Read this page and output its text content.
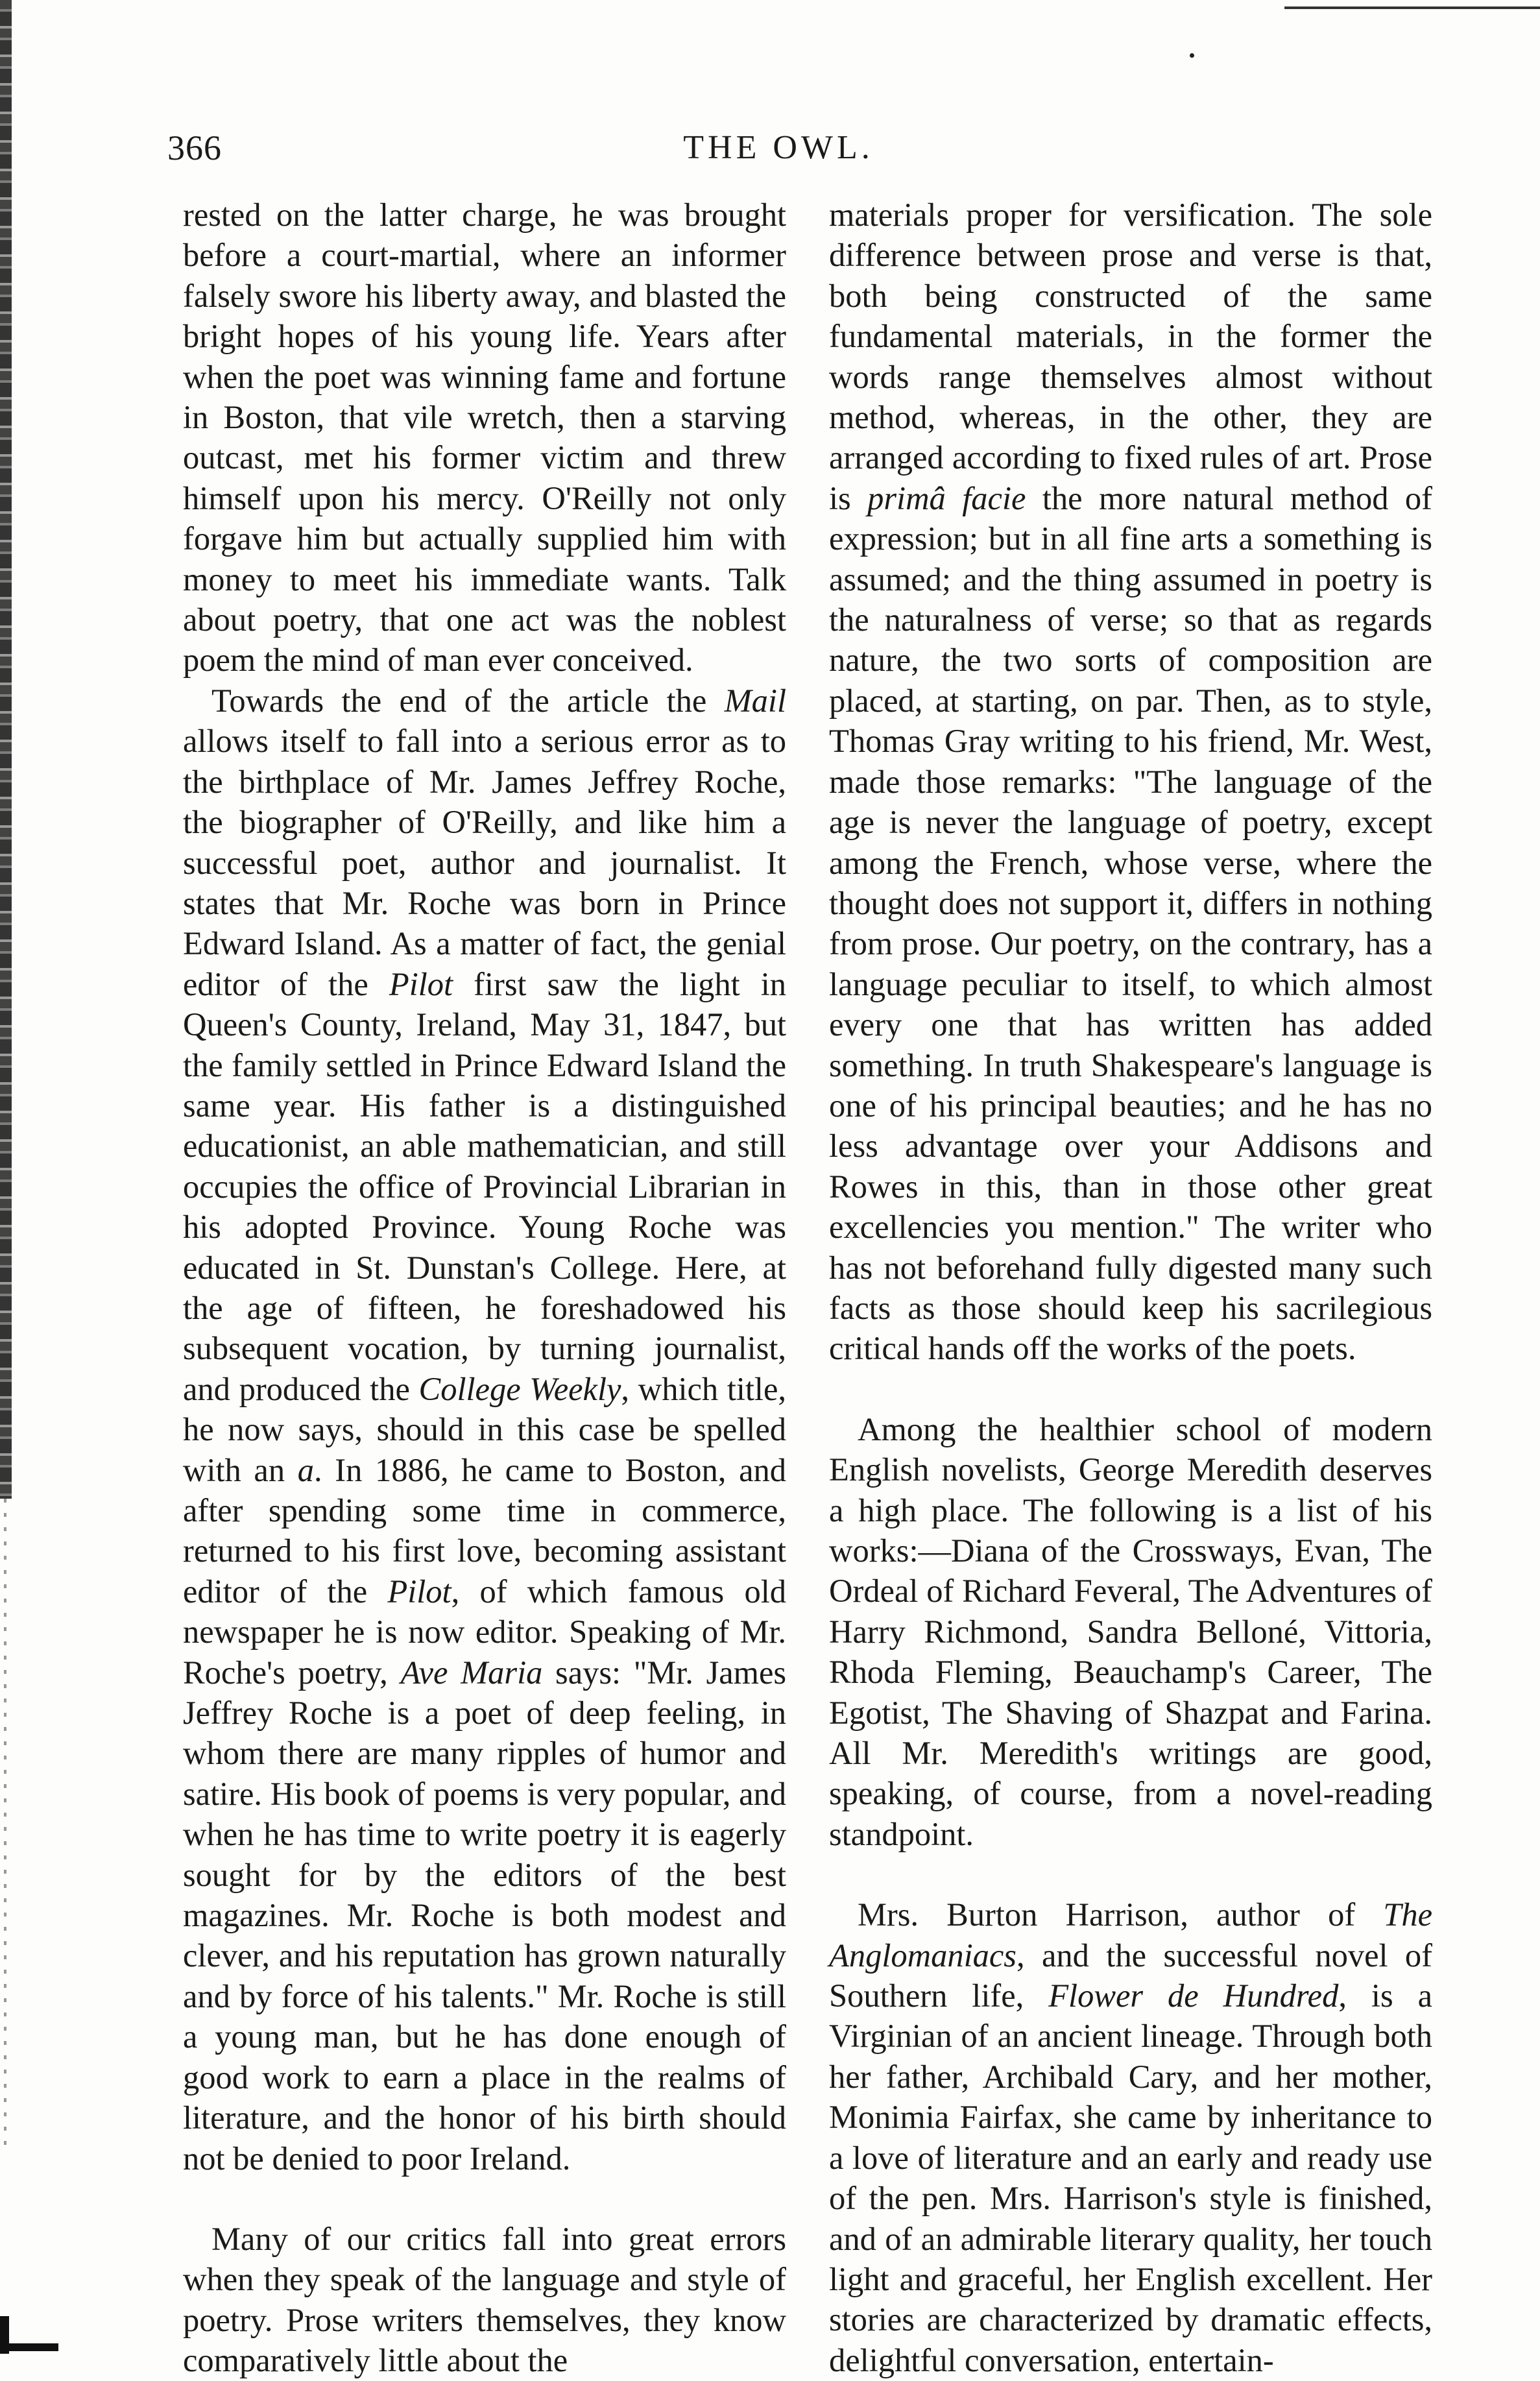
366	THE OWL.

rested on the latter charge, he was brought before a court-martial, where an informer falsely swore his liberty away, and blasted the bright hopes of his young life. Years after when the poet was winning fame and fortune in Boston, that vile wretch, then a starving outcast, met his former victim and threw himself upon his mercy. O'Reilly not only forgave him but actually supplied him with money to meet his immediate wants. Talk about poetry, that one act was the noblest poem the mind of man ever conceived.

Towards the end of the article the Mail allows itself to fall into a serious error as to the birthplace of Mr. James Jeffrey Roche, the biographer of O'Reilly, and like him a successful poet, author and journalist. It states that Mr. Roche was born in Prince Edward Island. As a matter of fact, the genial editor of the Pilot first saw the light in Queen's County, Ireland, May 31, 1847, but the family settled in Prince Edward Island the same year. His father is a distinguished educationist, an able mathematician, and still occupies the office of Provincial Librarian in his adopted Province. Young Roche was educated in St. Dunstan's College. Here, at the age of fifteen, he foreshadowed his subsequent vocation, by turning journalist, and produced the College Weekly, which title, he now says, should in this case be spelled with an a. In 1886, he came to Boston, and after spending some time in commerce, returned to his first love, becoming assistant editor of the Pilot, of which famous old newspaper he is now editor. Speaking of Mr. Roche's poetry, Ave Maria says: "Mr. James Jeffrey Roche is a poet of deep feeling, in whom there are many ripples of humor and satire. His book of poems is very popular, and when he has time to write poetry it is eagerly sought for by the editors of the best magazines. Mr. Roche is both modest and clever, and his reputation has grown naturally and by force of his talents." Mr. Roche is still a young man, but he has done enough of good work to earn a place in the realms of literature, and the honor of his birth should not be denied to poor Ireland.

Many of our critics fall into great errors when they speak of the language and style of poetry. Prose writers themselves, they know comparatively little about the

materials proper for versification. The sole difference between prose and verse is that, both being constructed of the same fundamental materials, in the former the words range themselves almost without method, whereas, in the other, they are arranged according to fixed rules of art. Prose is primâ facie the more natural method of expression; but in all fine arts a something is assumed; and the thing assumed in poetry is the naturalness of verse; so that as regards nature, the two sorts of composition are placed, at starting, on par. Then, as to style, Thomas Gray writing to his friend, Mr. West, made those remarks: "The language of the age is never the language of poetry, except among the French, whose verse, where the thought does not support it, differs in nothing from prose. Our poetry, on the contrary, has a language peculiar to itself, to which almost every one that has written has added something. In truth Shakespeare's language is one of his principal beauties; and he has no less advantage over your Addisons and Rowes in this, than in those other great excellencies you mention." The writer who has not beforehand fully digested many such facts as those should keep his sacrilegious critical hands off the works of the poets.

Among the healthier school of modern English novelists, George Meredith deserves a high place. The following is a list of his works:—Diana of the Crossways, Evan, The Ordeal of Richard Feveral, The Adventures of Harry Richmond, Sandra Belloné, Vittoria, Rhoda Fleming, Beauchamp's Career, The Egotist, The Shaving of Shazpat and Farina. All Mr. Meredith's writings are good, speaking, of course, from a novel-reading standpoint.

Mrs. Burton Harrison, author of The Anglomaniacs, and the successful novel of Southern life, Flower de Hundred, is a Virginian of an ancient lineage. Through both her father, Archibald Cary, and her mother, Monimia Fairfax, she came by inheritance to a love of literature and an early and ready use of the pen. Mrs. Harrison's style is finished, and of an admirable literary quality, her touch light and graceful, her English excellent. Her stories are characterized by dramatic effects, delightful conversation, entertain-
